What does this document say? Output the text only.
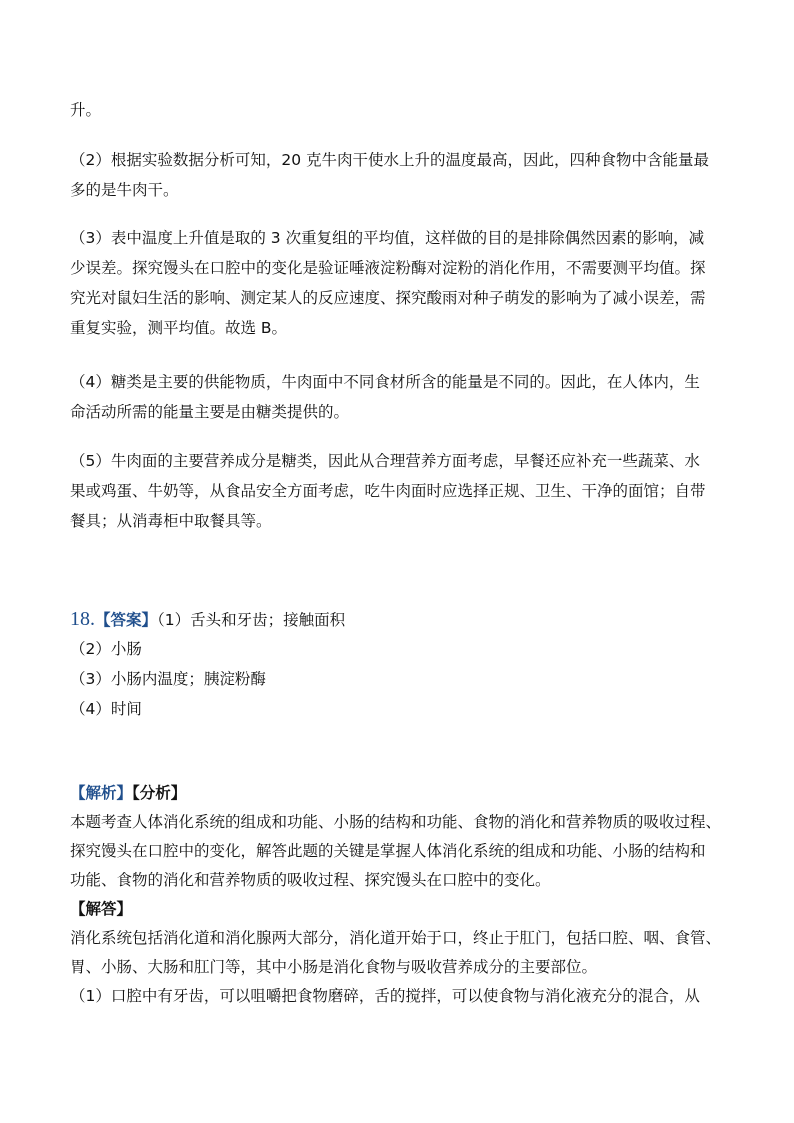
升。
（2）根据实验数据分析可知，20 克牛肉干使水上升的温度最高，因此，四种食物中含能量最
多的是牛肉干。
（3）表中温度上升值是取的 3 次重复组的平均值，这样做的目的是排除偶然因素的影响，减
少误差。探究馒头在口腔中的变化是验证唾液淀粉酶对淀粉的消化作用，不需要测平均值。探
究光对鼠妇生活的影响、测定某人的反应速度、探究酸雨对种子萌发的影响为了减小误差，需
重复实验，测平均值。故选 B。
（4）糖类是主要的供能物质，牛肉面中不同食材所含的能量是不同的。因此，在人体内，生
命活动所需的能量主要是由糖类提供的。
（5）牛肉面的主要营养成分是糖类，因此从合理营养方面考虑，早餐还应补充一些蔬菜、水
果或鸡蛋、牛奶等，从食品安全方面考虑，吃牛肉面时应选择正规、卫生、干净的面馆；自带
餐具；从消毒柜中取餐具等。
18.【答案】（1）舌头和牙齿；接触面积
（2）小肠
（3）小肠内温度；胰淀粉酶
（4）时间
【解析】【分析】
本题考查人体消化系统的组成和功能、小肠的结构和功能、食物的消化和营养物质的吸收过程、
探究馒头在口腔中的变化，解答此题的关键是掌握人体消化系统的组成和功能、小肠的结构和
功能、食物的消化和营养物质的吸收过程、探究馒头在口腔中的变化。
【解答】
消化系统包括消化道和消化腺两大部分，消化道开始于口，终止于肛门，包括口腔、咽、食管、
胃、小肠、大肠和肛门等，其中小肠是消化食物与吸收营养成分的主要部位。
（1）口腔中有牙齿，可以咀嚼把食物磨碎，舌的搅拌，可以使食物与消化液充分的混合，从
